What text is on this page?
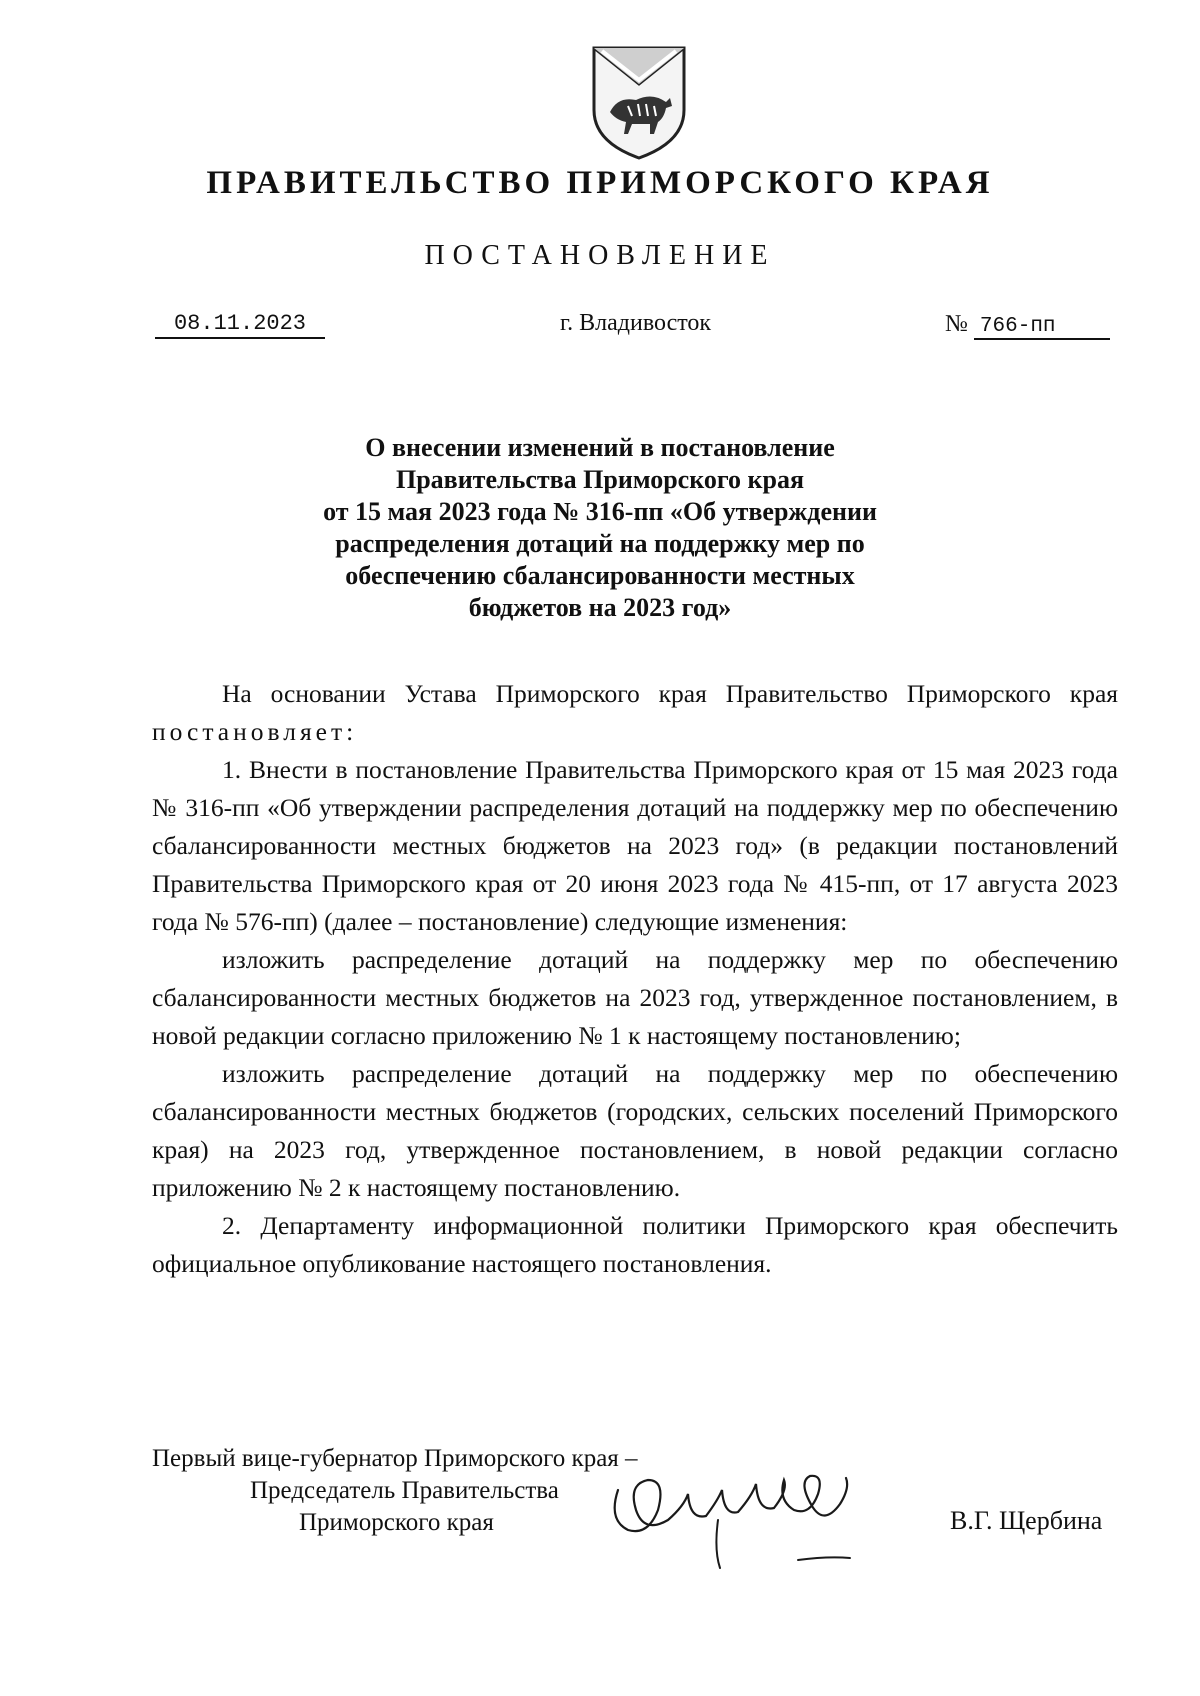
ПРАВИТЕЛЬСТВО ПРИМОРСКОГО КРАЯ
ПОСТАНОВЛЕНИЕ
08.11.2023	г. Владивосток	№ 766-пп
О внесении изменений в постановление
Правительства Приморского края
от 15 мая 2023 года № 316-пп «Об утверждении
распределения дотаций на поддержку мер по
обеспечению сбалансированности местных
бюджетов на 2023 год»

На основании Устава Приморского края Правительство Приморского края постановляет:

1. Внести в постановление Правительства Приморского края от 15 мая 2023 года № 316-пп «Об утверждении распределения дотаций на поддержку мер по обеспечению сбалансированности местных бюджетов на 2023 год» (в редакции постановлений Правительства Приморского края от 20 июня 2023 года № 415-пп, от 17 августа 2023 года № 576-пп) (далее – постановление) следующие изменения:

изложить распределение дотаций на поддержку мер по обеспечению сбалансированности местных бюджетов на 2023 год, утвержденное постановлением, в новой редакции согласно приложению № 1 к настоящему постановлению;

изложить распределение дотаций на поддержку мер по обеспечению сбалансированности местных бюджетов (городских, сельских поселений Приморского края) на 2023 год, утвержденное постановлением, в новой редакции согласно приложению № 2 к настоящему постановлению.

2. Департаменту информационной политики Приморского края обеспечить официальное опубликование настоящего постановления.

Первый вице-губернатор Приморского края –
Председатель Правительства
Приморского края	В.Г. Щербина
